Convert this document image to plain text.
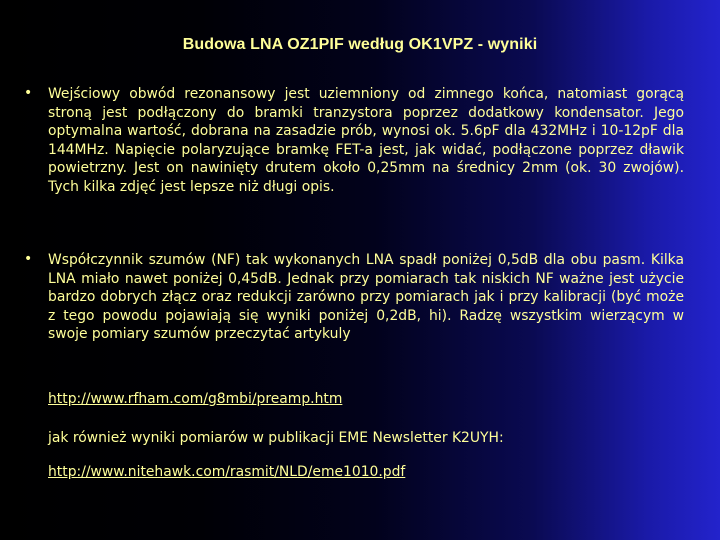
Budowa LNA OZ1PIF według OK1VPZ - wyniki
• Wejściowy obwód rezonansowy jest uziemniony od zimnego końca, natomiast gorącą stroną jest podłączony do bramki tranzystora poprzez dodatkowy kondensator. Jego optymalna wartość, dobrana na zasadzie prób, wynosi ok. 5.6pF dla 432MHz i 10-12pF dla 144MHz. Napięcie polaryzujące bramkę FET-a jest, jak widać, podłączone poprzez dławik powietrzny. Jest on nawinięty drutem około 0,25mm na średnicy 2mm (ok. 30 zwojów). Tych kilka zdjęć jest lepsze niż długi opis.
• Współczynnik szumów (NF) tak wykonanych LNA spadł poniżej 0,5dB dla obu pasm. Kilka LNA miało nawet poniżej 0,45dB. Jednak przy pomiarach tak niskich NF ważne jest użycie bardzo dobrych złącz oraz redukcji zarówno przy pomiarach jak i przy kalibracji (być może z tego powodu pojawiają się wyniki poniżej 0,2dB, hi). Radzę wszystkim wierzącym w swoje pomiary szumów przeczytać artykuly
http://www.rfham.com/g8mbi/preamp.htm
jak również wyniki pomiarów w publikacji EME Newsletter K2UYH:
http://www.nitehawk.com/rasmit/NLD/eme1010.pdf
